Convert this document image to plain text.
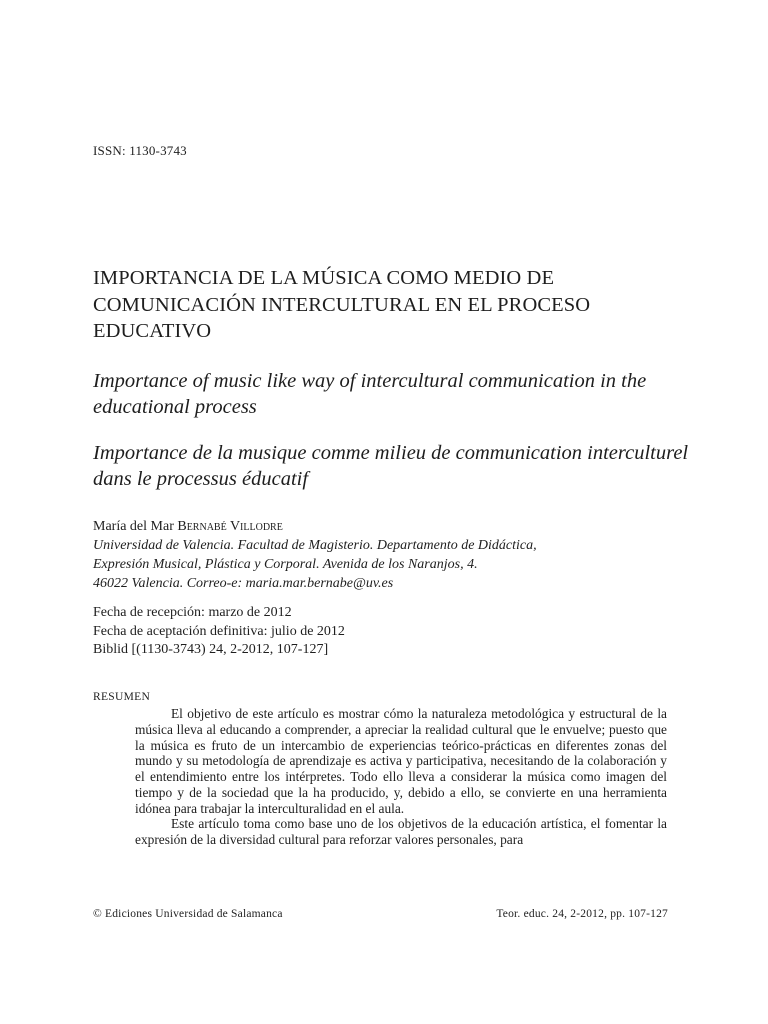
ISSN: 1130-3743
IMPORTANCIA DE LA MÚSICA COMO MEDIO DE COMUNICACIÓN INTERCULTURAL EN EL PROCESO EDUCATIVO
Importance of music like way of intercultural communication in the educational process
Importance de la musique comme milieu de communication interculturel dans le processus éducatif
María del Mar Bernabé Villodre
Universidad de Valencia. Facultad de Magisterio. Departamento de Didáctica,
Expresión Musical, Plástica y Corporal. Avenida de los Naranjos, 4.
46022 Valencia. Correo-e: maria.mar.bernabe@uv.es
Fecha de recepción: marzo de 2012
Fecha de aceptación definitiva: julio de 2012
Biblid [(1130-3743) 24, 2-2012, 107-127]
RESUMEN

El objetivo de este artículo es mostrar cómo la naturaleza metodológica y estructural de la música lleva al educando a comprender, a apreciar la realidad cultural que le envuelve; puesto que la música es fruto de un intercambio de experiencias teórico-prácticas en diferentes zonas del mundo y su metodología de aprendizaje es activa y participativa, necesitando de la colaboración y el entendimiento entre los intérpretes. Todo ello lleva a considerar la música como imagen del tiempo y de la sociedad que la ha producido, y, debido a ello, se convierte en una herramienta idónea para trabajar la interculturalidad en el aula.

Este artículo toma como base uno de los objetivos de la educación artística, el fomentar la expresión de la diversidad cultural para reforzar valores personales, para

© Ediciones Universidad de Salamanca	Teor. educ. 24, 2-2012, pp. 107-127
